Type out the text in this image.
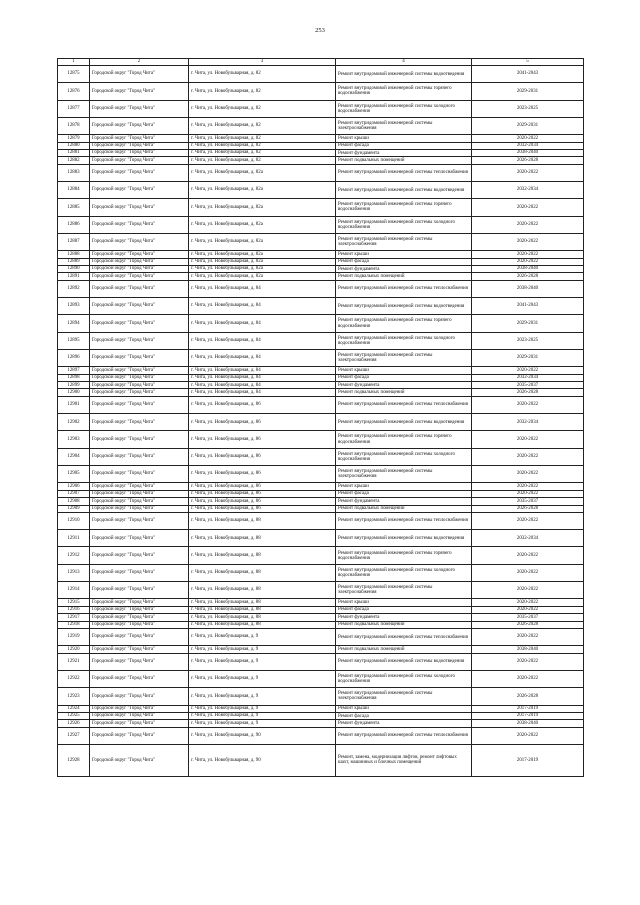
253
1	2	3	4	5
12875	Городской округ "Город Чита"	г. Чита, ул. Новобульварная, д. 82	Ремонт внутридомовой инженерной системы водоотведения	2041-2043
12876	Городской округ "Город Чита"	г. Чита, ул. Новобульварная, д. 82	Ремонт внутридомовой инженерной системы горячего водоснабжения	2029-2031
12877	Городской округ "Город Чита"	г. Чита, ул. Новобульварная, д. 82	Ремонт внутридомовой инженерной системы холодного водоснабжения	2023-2025
12878	Городской округ "Город Чита"	г. Чита, ул. Новобульварная, д. 82	Ремонт внутридомовой инженерной системы электроснабжения	2029-2031
12879	Городской округ "Город Чита"	г. Чита, ул. Новобульварная, д. 82	Ремонт крыши	2020-2022
12880	Городской округ "Город Чита"	г. Чита, ул. Новобульварная, д. 82	Ремонт фасада	2032-2034
12881	Городской округ "Город Чита"	г. Чита, ул. Новобульварная, д. 82	Ремонт фундамента	2038-2040
12882	Городской округ "Город Чита"	г. Чита, ул. Новобульварная, д. 82	Ремонт подвальных помещений	2026-2028
12883	Городской округ "Город Чита"	г. Чита, ул. Новобульварная, д. 82а	Ремонт внутридомовой инженерной системы теплоснабжения	2020-2022
12884	Городской округ "Город Чита"	г. Чита, ул. Новобульварная, д. 82а	Ремонт внутридомовой инженерной системы водоотведения	2032-2034
12885	Городской округ "Город Чита"	г. Чита, ул. Новобульварная, д. 82а	Ремонт внутридомовой инженерной системы горячего водоснабжения	2020-2022
12886	Городской округ "Город Чита"	г. Чита, ул. Новобульварная, д. 82а	Ремонт внутридомовой инженерной системы холодного водоснабжения	2020-2022
12887	Городской округ "Город Чита"	г. Чита, ул. Новобульварная, д. 82а	Ремонт внутридомовой инженерной системы электроснабжения	2020-2022
12888	Городской округ "Город Чита"	г. Чита, ул. Новобульварная, д. 82а	Ремонт крыши	2020-2022
12889	Городской округ "Город Чита"	г. Чита, ул. Новобульварная, д. 82а	Ремонт фасада	2020-2022
12890	Городской округ "Город Чита"	г. Чита, ул. Новобульварная, д. 82а	Ремонт фундамента	2038-2040
12891	Городской округ "Город Чита"	г. Чита, ул. Новобульварная, д. 82а	Ремонт подвальных помещений	2026-2028
12892	Городской округ "Город Чита"	г. Чита, ул. Новобульварная, д. 84	Ремонт внутридомовой инженерной системы теплоснабжения	2038-2040
12893	Городской округ "Город Чита"	г. Чита, ул. Новобульварная, д. 84	Ремонт внутридомовой инженерной системы водоотведения	2041-2043
12894	Городской округ "Город Чита"	г. Чита, ул. Новобульварная, д. 84	Ремонт внутридомовой инженерной системы горячего водоснабжения	2029-2031
12895	Городской округ "Город Чита"	г. Чита, ул. Новобульварная, д. 84	Ремонт внутридомовой инженерной системы холодного водоснабжения	2023-2025
12896	Городской округ "Город Чита"	г. Чита, ул. Новобульварная, д. 84	Ремонт внутридомовой инженерной системы электроснабжения	2029-2031
12897	Городской округ "Город Чита"	г. Чита, ул. Новобульварная, д. 84	Ремонт крыши	2020-2022
12898	Городской округ "Город Чита"	г. Чита, ул. Новобульварная, д. 84	Ремонт фасада	2032-2034
12899	Городской округ "Город Чита"	г. Чита, ул. Новобульварная, д. 84	Ремонт фундамента	2035-2037
12900	Городской округ "Город Чита"	г. Чита, ул. Новобульварная, д. 84	Ремонт подвальных помещений	2026-2028
12901	Городской округ "Город Чита"	г. Чита, ул. Новобульварная, д. 86	Ремонт внутридомовой инженерной системы теплоснабжения	2020-2022
12902	Городской округ "Город Чита"	г. Чита, ул. Новобульварная, д. 86	Ремонт внутридомовой инженерной системы водоотведения	2032-2034
12903	Городской округ "Город Чита"	г. Чита, ул. Новобульварная, д. 86	Ремонт внутридомовой инженерной системы горячего водоснабжения	2020-2022
12904	Городской округ "Город Чита"	г. Чита, ул. Новобульварная, д. 86	Ремонт внутридомовой инженерной системы холодного водоснабжения	2020-2022
12905	Городской округ "Город Чита"	г. Чита, ул. Новобульварная, д. 86	Ремонт внутридомовой инженерной системы электроснабжения	2020-2022
12906	Городской округ "Город Чита"	г. Чита, ул. Новобульварная, д. 86	Ремонт крыши	2020-2022
12907	Городской округ "Город Чита"	г. Чита, ул. Новобульварная, д. 86	Ремонт фасада	2020-2022
12908	Городской округ "Город Чита"	г. Чита, ул. Новобульварная, д. 86	Ремонт фундамента	2035-2037
12909	Городской округ "Город Чита"	г. Чита, ул. Новобульварная, д. 86	Ремонт подвальных помещений	2026-2028
12910	Городской округ "Город Чита"	г. Чита, ул. Новобульварная, д. 88	Ремонт внутридомовой инженерной системы теплоснабжения	2020-2022
12911	Городской округ "Город Чита"	г. Чита, ул. Новобульварная, д. 88	Ремонт внутридомовой инженерной системы водоотведения	2032-2034
12912	Городской округ "Город Чита"	г. Чита, ул. Новобульварная, д. 88	Ремонт внутридомовой инженерной системы горячего водоснабжения	2020-2022
12913	Городской округ "Город Чита"	г. Чита, ул. Новобульварная, д. 88	Ремонт внутридомовой инженерной системы холодного водоснабжения	2020-2022
12914	Городской округ "Город Чита"	г. Чита, ул. Новобульварная, д. 88	Ремонт внутридомовой инженерной системы электроснабжения	2020-2022
12915	Городской округ "Город Чита"	г. Чита, ул. Новобульварная, д. 88	Ремонт крыши	2020-2022
12916	Городской округ "Город Чита"	г. Чита, ул. Новобульварная, д. 88	Ремонт фасада	2020-2022
12917	Городской округ "Город Чита"	г. Чита, ул. Новобульварная, д. 88	Ремонт фундамента	2035-2037
12918	Городской округ "Город Чита"	г. Чита, ул. Новобульварная, д. 88	Ремонт подвальных помещений	2026-2028
12919	Городской округ "Город Чита"	г. Чита, ул. Новобульварная, д. 9	Ремонт внутридомовой инженерной системы теплоснабжения	2020-2022
12920	Городской округ "Город Чита"	г. Чита, ул. Новобульварная, д. 9	Ремонт подвальных помещений	2038-2040
12921	Городской округ "Город Чита"	г. Чита, ул. Новобульварная, д. 9	Ремонт внутридомовой инженерной системы водоотведения	2020-2022
12922	Городской округ "Город Чита"	г. Чита, ул. Новобульварная, д. 9	Ремонт внутридомовой инженерной системы холодного водоснабжения	2020-2022
12923	Городской округ "Город Чита"	г. Чита, ул. Новобульварная, д. 9	Ремонт внутридомовой инженерной системы электроснабжения	2026-2028
12924	Городской округ "Город Чита"	г. Чита, ул. Новобульварная, д. 9	Ремонт крыши	2017-2019
12925	Городской округ "Город Чита"	г. Чита, ул. Новобульварная, д. 9	Ремонт фасада	2017-2019
12926	Городской округ "Город Чита"	г. Чита, ул. Новобульварная, д. 9	Ремонт фундамента	2038-2040
12927	Городской округ "Город Чита"	г. Чита, ул. Новобульварная, д. 90	Ремонт внутридомовой инженерной системы теплоснабжения	2020-2022
12928	Городской округ "Город Чита"	г. Чита, ул. Новобульварная, д. 90	Ремонт, замена, модернизация лифтов, ремонт лифтовых шахт, машинных и блочных помещений	2017-2019
